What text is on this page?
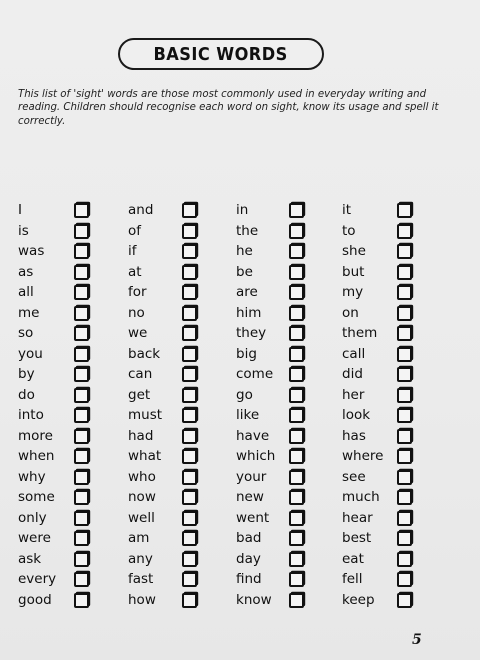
BASIC WORDS
This list of 'sight' words are those most commonly used in everyday writing and reading. Children should recognise each word on sight, know its usage and spell it correctly.
I
is
was
as
all
me
so
you
by
do
into
more
when
why
some
only
were
ask
every
good
and
of
if
at
for
no
we
back
can
get
must
had
what
who
now
well
am
any
fast
how
in
the
he
be
are
him
they
big
come
go
like
have
which
your
new
went
bad
day
find
know
it
to
she
but
my
on
them
call
did
her
look
has
where
see
much
hear
best
eat
fell
keep
5
